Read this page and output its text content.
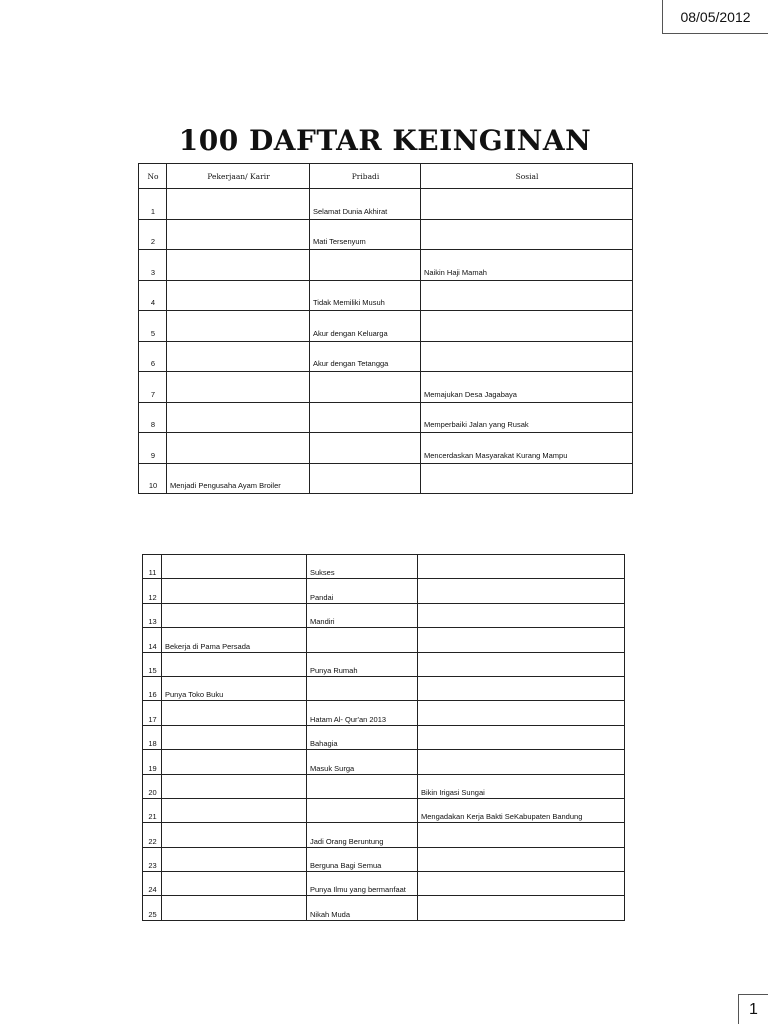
08/05/2012
100 DAFTAR KEINGINAN
No	Pekerjaan/ Karir	Pribadi	Sosial
1		Selamat Dunia Akhirat	
2		Mati Tersenyum	
3			Naikin Haji Mamah
4		Tidak Memiliki Musuh	
5		Akur dengan Keluarga	
6		Akur dengan Tetangga	
7			Memajukan Desa Jagabaya
8			Memperbaiki Jalan yang Rusak
9			Mencerdaskan Masyarakat Kurang Mampu
10	Menjadi Pengusaha Ayam Broiler		
11		Sukses	
12		Pandai	
13		Mandiri	
14	Bekerja di Pama Persada		
15		Punya Rumah	
16	Punya Toko Buku		
17		Hatam Al- Qur'an 2013	
18		Bahagia	
19		Masuk Surga	
20			Bikin Irigasi Sungai
21			Mengadakan Kerja Bakti SeKabupaten Bandung
22		Jadi Orang Beruntung	
23		Berguna Bagi Semua	
24		Punya Ilmu yang bermanfaat	
25		Nikah Muda	
1
